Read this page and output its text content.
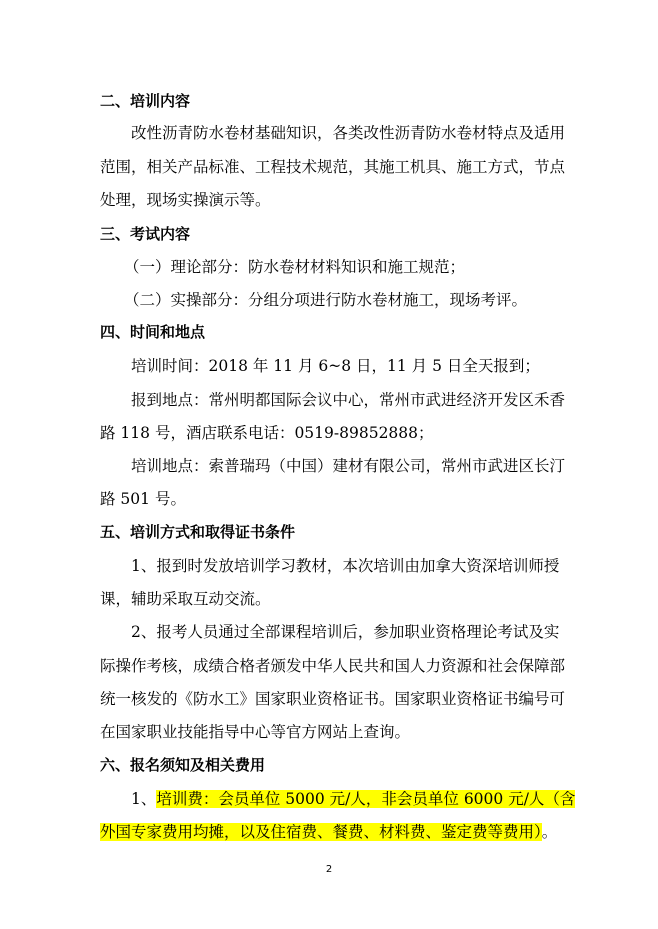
二、培训内容
改性沥青防水卷材基础知识，各类改性沥青防水卷材特点及适用
范围，相关产品标准、工程技术规范，其施工机具、施工方式，节点
处理，现场实操演示等。
三、考试内容
（一）理论部分：防水卷材材料知识和施工规范；
（二）实操部分：分组分项进行防水卷材施工，现场考评。
四、时间和地点
培训时间：2018 年 11 月 6~8 日，11 月 5 日全天报到；
报到地点：常州明都国际会议中心，常州市武进经济开发区禾香
路 118 号，酒店联系电话：0519-89852888；
培训地点：索普瑞玛（中国）建材有限公司，常州市武进区长汀
路 501 号。
五、培训方式和取得证书条件
1、报到时发放培训学习教材，本次培训由加拿大资深培训师授
课，辅助采取互动交流。
2、报考人员通过全部课程培训后，参加职业资格理论考试及实
际操作考核，成绩合格者颁发中华人民共和国人力资源和社会保障部
统一核发的《防水工》国家职业资格证书。国家职业资格证书编号可
在国家职业技能指导中心等官方网站上查询。
六、报名须知及相关费用
1、培训费：会员单位 5000 元/人，非会员单位 6000 元/人（含
外国专家费用均摊，以及住宿费、餐费、材料费、鉴定费等费用）。
2
